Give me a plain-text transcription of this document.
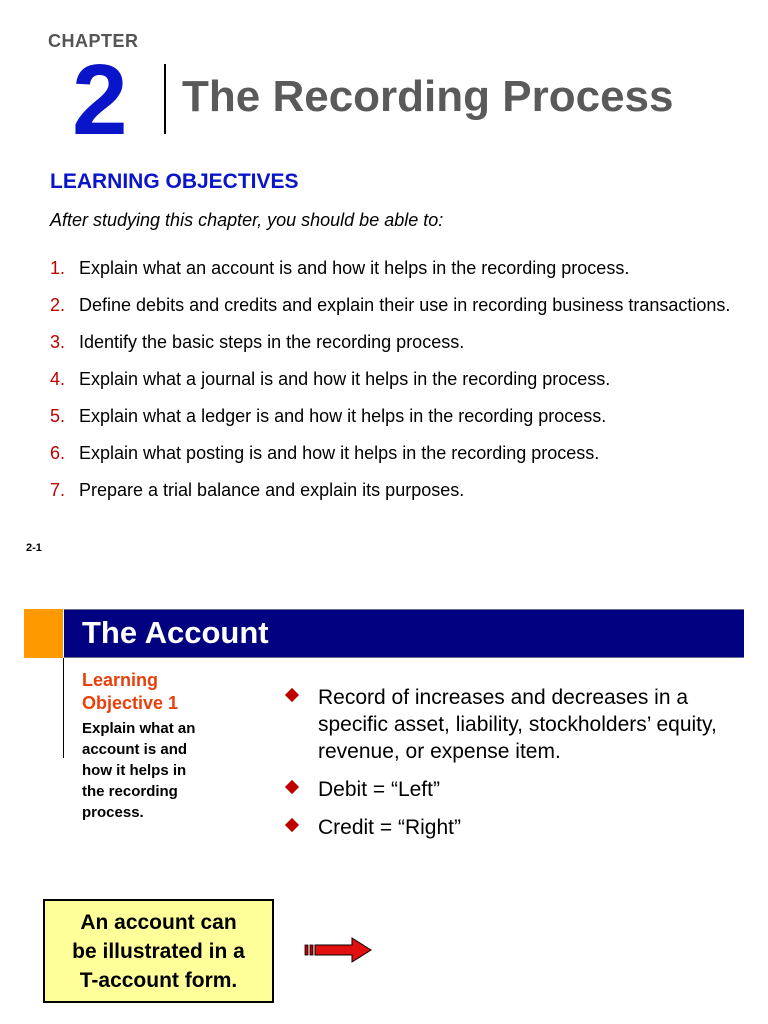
CHAPTER
2 The Recording Process
LEARNING OBJECTIVES
After studying this chapter, you should be able to:
1. Explain what an account is and how it helps in the recording process.
2. Define debits and credits and explain their use in recording business transactions.
3. Identify the basic steps in the recording process.
4. Explain what a journal is and how it helps in the recording process.
5. Explain what a ledger is and how it helps in the recording process.
6. Explain what posting is and how it helps in the recording process.
7. Prepare a trial balance and explain its purposes.
2-1
The Account
Learning
Objective 1
Explain what an
account is and
how it helps in
the recording
process.
Record of increases and decreases in a specific asset, liability, stockholders’ equity, revenue, or expense item.
Debit = “Left”
Credit = “Right”
An account can
be illustrated in a
T-account form.
